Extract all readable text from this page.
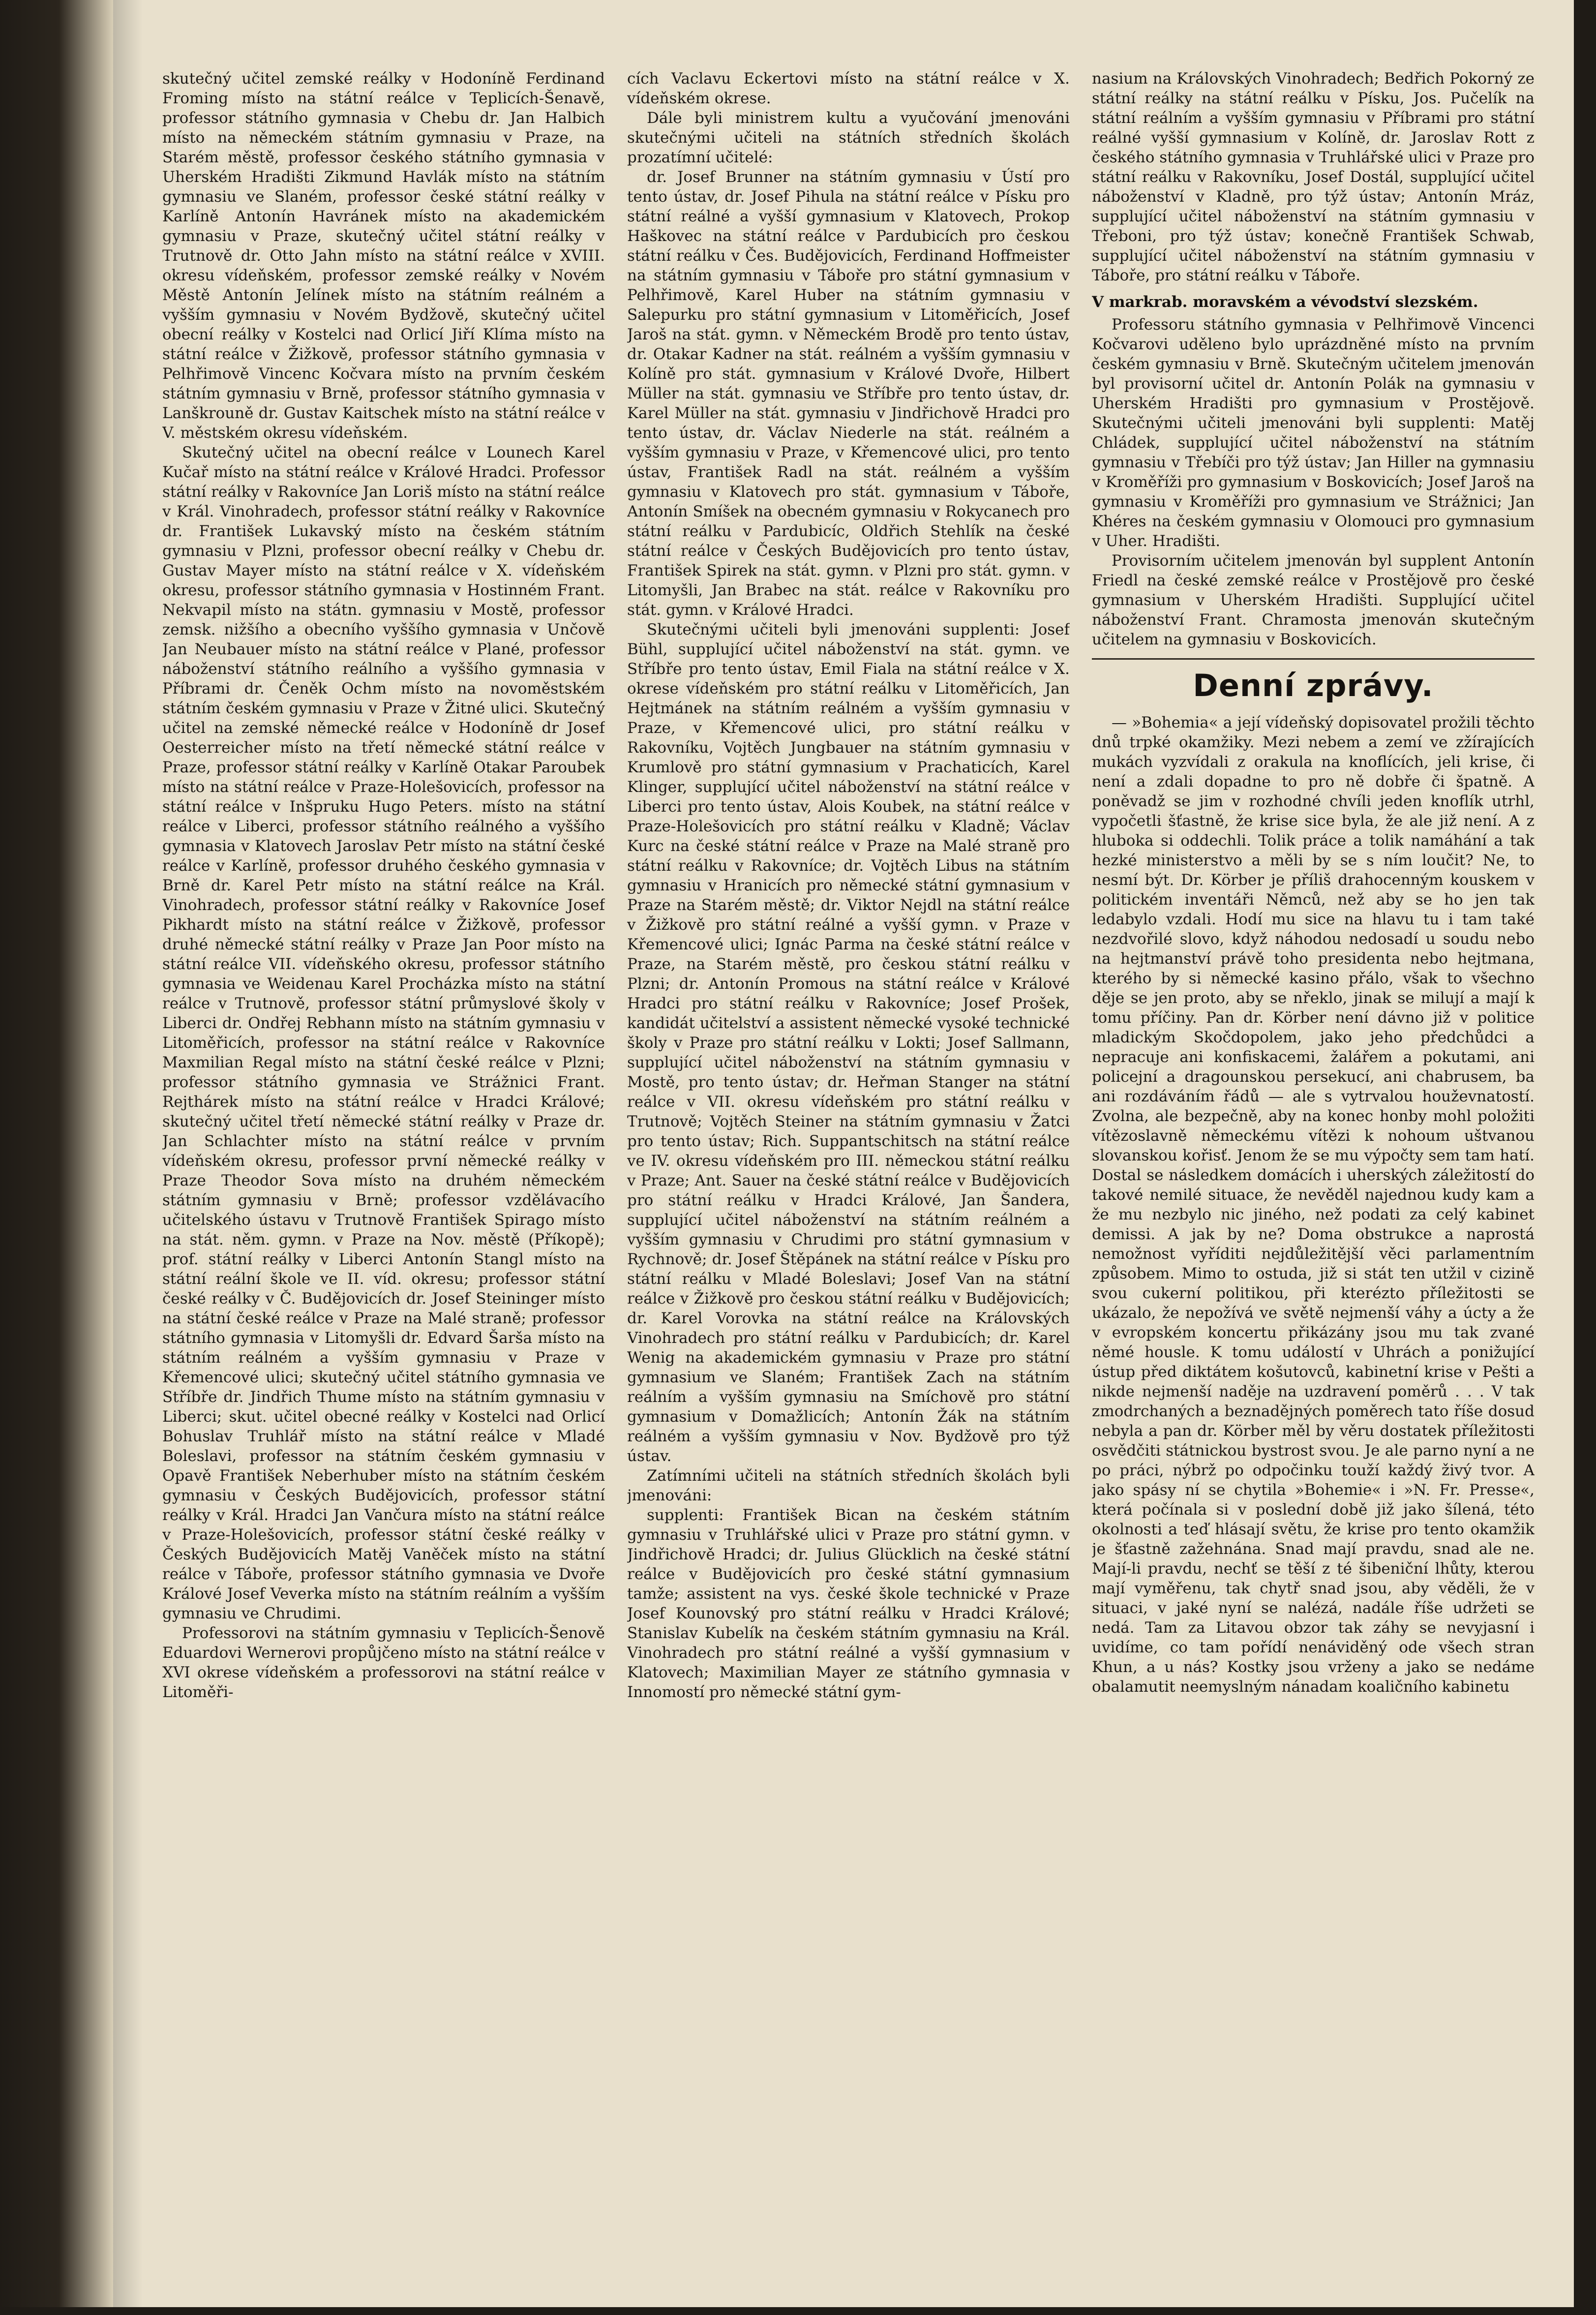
skutečný učitel zemské reálky v Hodoníně Ferdinand Froming místo na státní reálce v Teplicích-Šenavě, professor státního gymnasia v Chebu dr. Jan Halbich místo na německém státním gymnasiu v Praze, na Starém městě, professor českého státního gymnasia v Uherském Hradišti Zikmund Havlák místo na státním gymnasiu ve Slaném, professor české státní reálky v Karlíně Antonín Havránek místo na akademickém gymnasiu v Praze, skutečný učitel státní reálky v Trutnově dr. Otto Jahn místo na státní reálce v XVIII. okresu vídeňském, professor zemské reálky v Novém Městě Antonín Jelínek místo na státním reálném a vyšším gymnasiu v Novém Bydžově, skutečný učitel obecní reálky v Kostelci nad Orlicí Jiří Klíma místo na státní reálce v Žižkově, professor státního gymnasia v Pelhřimově Vincenc Kočvara místo na prvním českém státním gymnasiu v Brně, professor státního gymnasia v Lanškrouně dr. Gustav Kaitschek místo na státní reálce v V. městském okresu vídeňském.

Skutečný učitel na obecní reálce v Lounech Karel Kučař místo na státní reálce v Králové Hradci. Professor státní reálky v Rakovníce Jan Loriš místo na státní reálce v Král. Vinohradech, professor státní reálky v Rakovníce dr. František Lukavský místo na českém státním gymnasiu v Plzni, professor obecní reálky v Chebu dr. Gustav Mayer místo na státní reálce v X. vídeňském okresu, professor státního gymnasia v Hostinném Frant. Nekvapil místo na státn. gymnasiu v Mostě, professor zemsk. nižšího a obecního vyššího gymnasia v Unčově Jan Neubauer místo na státní reálce v Plané, professor náboženství státního reálního a vyššího gymnasia v Příbrami dr. Čeněk Ochm místo na novoměstském státním českém gymnasiu v Praze v Žitné ulici. Skutečný učitel na zemské německé reálce v Hodoníně dr Josef Oesterreicher místo na třetí německé státní reálce v Praze, professor státní reálky v Karlíně Otakar Paroubek místo na státní reálce v Praze-Holešovicích, professor na státní reálce v Inšpruku Hugo Peters. místo na státní reálce v Liberci, professor státního reálného a vyššího gymnasia v Klatovech Jaroslav Petr místo na státní české reálce v Karlíně, professor druhého českého gymnasia v Brně dr. Karel Petr místo na státní reálce na Král. Vinohradech, professor státní reálky v Rakovníce Josef Pikhardt místo na státní reálce v Žižkově, professor druhé německé státní reálky v Praze Jan Poor místo na státní reálce VII. vídeňského okresu, professor státního gymnasia ve Weidenau Karel Procházka místo na státní reálce v Trutnově, professor státní průmyslové školy v Liberci dr. Ondřej Rebhann místo na státním gymnasiu v Litoměřicích, professor na státní reálce v Rakovníce Maxmilian Regal místo na státní české reálce v Plzni; professor státního gymnasia ve Strážnici Frant. Rejthárek místo na státní reálce v Hradci Králové; skutečný učitel třetí německé státní reálky v Praze dr. Jan Schlachter místo na státní reálce v prvním vídeňském okresu, professor první německé reálky v Praze Theodor Sova místo na druhém německém státním gymnasiu v Brně; professor vzdělávacího učitelského ústavu v Trutnově František Spirago místo na stát. něm. gymn. v Praze na Nov. městě (Příkopě); prof. státní reálky v Liberci Antonín Stangl místo na státní reální škole ve II. víd. okresu; professor státní české reálky v Č. Budějovicích dr. Josef Steininger místo na státní české reálce v Praze na Malé straně; professor státního gymnasia v Litomyšli dr. Edvard Šarša místo na státním reálném a vyšším gymnasiu v Praze v Křemencové ulici; skutečný učitel státního gymnasia ve Stříbře dr. Jindřich Thume místo na státním gymnasiu v Liberci; skut. učitel obecné reálky v Kostelci nad Orlicí Bohuslav Truhlář místo na státní reálce v Mladé Boleslavi, professor na státním českém gymnasiu v Opavě František Neberhuber místo na státním českém gymnasiu v Českých Budějovicích, professor státní reálky v Král. Hradci Jan Vančura místo na státní reálce v Praze-Holešovicích, professor státní české reálky v Českých Budějovicích Matěj Vaněček místo na státní reálce v Táboře, professor státního gymnasia ve Dvoře Králové Josef Veverka místo na státním reálním a vyšším gymnasiu ve Chrudimi.

Professorovi na státním gymnasiu v Teplicích-Šenově Eduardovi Wernerovi propůjčeno místo na státní reálce v XVI okrese vídeňském a professorovi na státní reálce v Litoměři-

cích Vaclavu Eckertovi místo na státní reálce v X. vídeňském okrese.

Dále byli ministrem kultu a vyučování jmenováni skutečnými učiteli na státních středních školách prozatímní učitelé:

dr. Josef Brunner na státním gymnasiu v Ústí pro tento ústav, dr. Josef Pihula na státní reálce v Písku pro státní reálné a vyšší gymnasium v Klatovech, Prokop Haškovec na státní reálce v Pardubicích pro českou státní reálku v Čes. Budějovicích, Ferdinand Hoffmeister na státním gymnasiu v Táboře pro státní gymnasium v Pelhřimově, Karel Huber na státním gymnasiu v Salepurku pro státní gymnasium v Litoměřicích, Josef Jaroš na stát. gymn. v Německém Brodě pro tento ústav, dr. Otakar Kadner na stát. reálném a vyšším gymnasiu v Kolíně pro stát. gymnasium v Králové Dvoře, Hilbert Müller na stát. gymnasiu ve Stříbře pro tento ústav, dr. Karel Müller na stát. gymnasiu v Jindřichově Hradci pro tento ústav, dr. Václav Niederle na stát. reálném a vyšším gymnasiu v Praze, v Křemencové ulici, pro tento ústav, František Radl na stát. reálném a vyšším gymnasiu v Klatovech pro stát. gymnasium v Táboře, Antonín Smíšek na obecném gymnasiu v Rokycanech pro státní reálku v Pardubicíc, Oldřich Stehlík na české státní reálce v Českých Budějovicích pro tento ústav, František Spirek na stát. gymn. v Plzni pro stát. gymn. v Litomyšli, Jan Brabec na stát. reálce v Rakovníku pro stát. gymn. v Králové Hradci.

Skutečnými učiteli byli jmenováni supplenti: Josef Bühl, supplující učitel náboženství na stát. gymn. ve Stříbře pro tento ústav, Emil Fiala na státní reálce v X. okrese vídeňském pro státní reálku v Litoměřicích, Jan Hejtmánek na státním reálném a vyšším gymnasiu v Praze, v Křemencové ulici, pro státní reálku v Rakovníku, Vojtěch Jungbauer na státním gymnasiu v Krumlově pro státní gymnasium v Prachaticích, Karel Klinger, supplující učitel náboženství na státní reálce v Liberci pro tento ústav, Alois Koubek, na státní reálce v Praze-Holešovicích pro státní reálku v Kladně; Václav Kurc na české státní reálce v Praze na Malé straně pro státní reálku v Rakovníce; dr. Vojtěch Libus na státním gymnasiu v Hranicích pro německé státní gymnasium v Praze na Starém městě; dr. Viktor Nejdl na státní reálce v Žižkově pro státní reálné a vyšší gymn. v Praze v Křemencové ulici; Ignác Parma na české státní reálce v Praze, na Starém městě, pro českou státní reálku v Plzni; dr. Antonín Promous na státní reálce v Králové Hradci pro státní reálku v Rakovníce; Josef Prošek, kandidát učitelství a assistent německé vysoké technické školy v Praze pro státní reálku v Lokti; Josef Sallmann, supplující učitel náboženství na státním gymnasiu v Mostě, pro tento ústav; dr. Heřman Stanger na státní reálce v VII. okresu vídeňském pro státní reálku v Trutnově; Vojtěch Steiner na státním gymnasiu v Žatci pro tento ústav; Rich. Suppantschitsch na státní reálce ve IV. okresu vídeňském pro III. německou státní reálku v Praze; Ant. Sauer na české státní reálce v Budějovicích pro státní reálku v Hradci Králové, Jan Šandera, supplující učitel náboženství na státním reálném a vyšším gymnasiu v Chrudimi pro státní gymnasium v Rychnově; dr. Josef Štěpánek na státní reálce v Písku pro státní reálku v Mladé Boleslavi; Josef Van na státní reálce v Žižkově pro českou státní reálku v Budějovicích; dr. Karel Vorovka na státní reálce na Královských Vinohradech pro státní reálku v Pardubicích; dr. Karel Wenig na akademickém gymnasiu v Praze pro státní gymnasium ve Slaném; František Zach na státním reálním a vyšším gymnasiu na Smíchově pro státní gymnasium v Domažlicích; Antonín Žák na státním reálném a vyšším gymnasiu v Nov. Bydžově pro týž ústav.

Zatímními učiteli na státních středních školách byli jmenováni:

supplenti: František Bican na českém státním gymnasiu v Truhlářské ulici v Praze pro státní gymn. v Jindřichově Hradci; dr. Julius Glücklich na české státní reálce v Budějovicích pro české státní gymnasium tamže; assistent na vys. české škole technické v Praze Josef Kounovský pro státní reálku v Hradci Králové; Stanislav Kubelík na českém státním gymnasiu na Král. Vinohradech pro státní reálné a vyšší gymnasium v Klatovech; Maximilian Mayer ze státního gymnasia v Innomostí pro německé státní gym-

nasium na Královských Vinohradech; Bedřich Pokorný ze státní reálky na státní reálku v Písku, Jos. Pučelík na státní reálním a vyšším gymnasiu v Příbrami pro státní reálné vyšší gymnasium v Kolíně, dr. Jaroslav Rott z českého státního gymnasia v Truhlářské ulici v Praze pro státní reálku v Rakovníku, Josef Dostál, supplující učitel náboženství v Kladně, pro týž ústav; Antonín Mráz, supplující učitel náboženství na státním gymnasiu v Třeboni, pro týž ústav; konečně František Schwab, supplující učitel náboženství na státním gymnasiu v Táboře, pro státní reálku v Táboře.

V markrab. moravském a vévodství slezském.

Professoru státního gymnasia v Pelhřimově Vincenci Kočvarovi uděleno bylo uprázdněné místo na prvním českém gymnasiu v Brně. Skutečným učitelem jmenován byl provisorní učitel dr. Antonín Polák na gymnasiu v Uherském Hradišti pro gymnasium v Prostějově. Skutečnými učiteli jmenováni byli supplenti: Matěj Chládek, supplující učitel náboženství na státním gymnasiu v Třebíči pro týž ústav; Jan Hiller na gymnasiu v Kroměříži pro gymnasium v Boskovicích; Josef Jaroš na gymnasiu v Kroměříži pro gymnasium ve Strážnici; Jan Khéres na českém gymnasiu v Olomouci pro gymnasium v Uher. Hradišti.

Provisorním učitelem jmenován byl supplent Antonín Friedl na české zemské reálce v Prostějově pro české gymnasium v Uherském Hradišti. Supplující učitel náboženství Frant. Chramosta jmenován skutečným učitelem na gymnasiu v Boskovicích.

Denní zprávy.

— »Bohemia« a její vídeňský dopisovatel prožili těchto dnů trpké okamžiky. Mezi nebem a zemí ve zžírajících mukách vyzvídali z orakula na knoflících, jeli krise, či není a zdali dopadne to pro ně dobře či špatně. A poněvadž se jim v rozhodné chvíli jeden knoflík utrhl, vypočetli šťastně, že krise sice byla, že ale již není. A z hluboka si oddechli. Tolik práce a tolik namáhání a tak hezké ministerstvo a měli by se s ním loučit? Ne, to nesmí být. Dr. Körber je příliš drahocenným kouskem v politickém inventáři Němců, než aby se ho jen tak ledabylo vzdali. Hodí mu sice na hlavu tu i tam také nezdvořilé slovo, když náhodou nedosadí u soudu nebo na hejtmanství právě toho presidenta nebo hejtmana, kterého by si německé kasino přálo, však to všechno děje se jen proto, aby se nřeklo, jinak se milují a mají k tomu příčiny. Pan dr. Körber není dávno již v politice mladickým Skočdopolem, jako jeho předchůdci a nepracuje ani konfiskacemi, žalářem a pokutami, ani policejní a dragounskou persekucí, ani chabrusem, ba ani rozdáváním řádů — ale s vytrvalou houževnatostí. Zvolna, ale bezpečně, aby na konec honby mohl položiti vítězoslavně německému vítězi k nohoum uštvanou slovanskou kořisť. Jenom že se mu výpočty sem tam hatí. Dostal se následkem domácích i uherských záležitostí do takové nemilé situace, že nevěděl najednou kudy kam a že mu nezbylo nic jiného, než podati za celý kabinet demissi. A jak by ne? Doma obstrukce a naprostá nemožnost vyříditi nejdůležitější věci parlamentním způsobem. Mimo to ostuda, již si stát ten utžil v cizině svou cukerní politikou, při kterézto příležitosti se ukázalo, že nepožívá ve světě nejmenší váhy a úcty a že v evropském koncertu přikázány jsou mu tak zvané němé housle. K tomu událostí v Uhrách a ponižující ústup před diktátem košutovců, kabinetní krise v Pešti a nikde nejmenší naděje na uzdravení poměrů . . . V tak zmodrchaných a beznadějných poměrech tato říše dosud nebyla a pan dr. Körber měl by věru dostatek příležitosti osvědčiti státnickou bystrost svou. Je ale parno nyní a ne po práci, nýbrž po odpočinku touží každý živý tvor. A jako spásy ní se chytila »Bohemie« i »N. Fr. Presse«, která počínala si v poslední době již jako šílená, této okolnosti a teď hlásají světu, že krise pro tento okamžik je šťastně zažehnána. Snad mají pravdu, snad ale ne. Mají-li pravdu, nechť se těší z té šibeniční lhůty, kterou mají vyměřenu, tak chytř snad jsou, aby věděli, že v situaci, v jaké nyní se nalézá, nadále říše udržeti se nedá. Tam za Litavou obzor tak záhy se nevyjasní i uvidíme, co tam pořídí nenáviděný ode všech stran Khun, a u nás? Kostky jsou vrženy a jako se nedáme obalamutit neemyslným nánadam koaličního kabinetu
